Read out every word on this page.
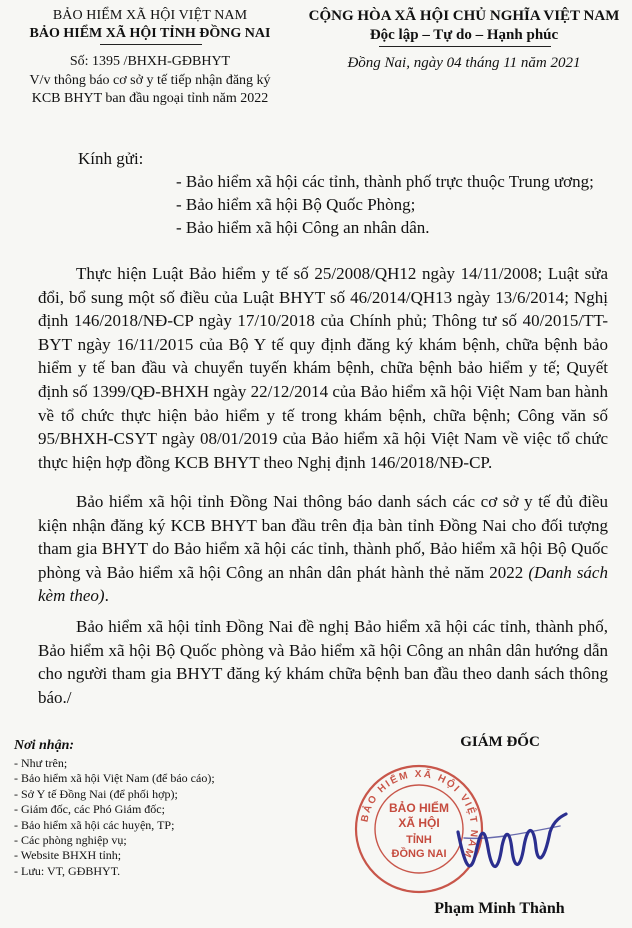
BẢO HIỂM XÃ HỘI VIỆT NAM
BẢO HIỂM XÃ HỘI TỈNH ĐỒNG NAI
Số: 1395 /BHXH-GĐBHYT
V/v thông báo cơ sở y tế tiếp nhận đăng ký
KCB BHYT ban đầu ngoại tỉnh năm 2022
CỘNG HÒA XÃ HỘI CHỦ NGHĨA VIỆT NAM
Độc lập – Tự do – Hạnh phúc
Đồng Nai, ngày 04 tháng 11 năm 2021
Kính gửi:
- Bảo hiểm xã hội các tỉnh, thành phố trực thuộc Trung ương;
- Bảo hiểm xã hội Bộ Quốc Phòng;
- Bảo hiểm xã hội Công an nhân dân.
Thực hiện Luật Bảo hiểm y tế số 25/2008/QH12 ngày 14/11/2008; Luật sửa đổi, bổ sung một số điều của Luật BHYT số 46/2014/QH13 ngày 13/6/2014; Nghị định 146/2018/NĐ-CP ngày 17/10/2018 của Chính phủ; Thông tư số 40/2015/TT-BYT ngày 16/11/2015 của Bộ Y tế quy định đăng ký khám bệnh, chữa bệnh bảo hiểm y tế ban đầu và chuyển tuyến khám bệnh, chữa bệnh bảo hiểm y tế; Quyết định số 1399/QĐ-BHXH ngày 22/12/2014 của Bảo hiểm xã hội Việt Nam ban hành về tổ chức thực hiện bảo hiểm y tế trong khám bệnh, chữa bệnh; Công văn số 95/BHXH-CSYT ngày 08/01/2019 của Bảo hiểm xã hội Việt Nam về việc tổ chức thực hiện hợp đồng KCB BHYT theo Nghị định 146/2018/NĐ-CP.
Bảo hiểm xã hội tỉnh Đồng Nai thông báo danh sách các cơ sở y tế đủ điều kiện nhận đăng ký KCB BHYT ban đầu trên địa bàn tỉnh Đồng Nai cho đối tượng tham gia BHYT do Bảo hiểm xã hội các tỉnh, thành phố, Bảo hiểm xã hội Bộ Quốc phòng và Bảo hiểm xã hội Công an nhân dân phát hành thẻ năm 2022 (Danh sách kèm theo).
Bảo hiểm xã hội tỉnh Đồng Nai đề nghị Bảo hiểm xã hội các tỉnh, thành phố, Bảo hiểm xã hội Bộ Quốc phòng và Bảo hiểm xã hội Công an nhân dân hướng dẫn cho người tham gia BHYT đăng ký khám chữa bệnh ban đầu theo danh sách thông báo./
Nơi nhận:
- Như trên;
- Bảo hiểm xã hội Việt Nam (để báo cáo);
- Sở Y tế Đồng Nai (để phối hợp);
- Giám đốc, các Phó Giám đốc;
- Bảo hiểm xã hội các huyện, TP;
- Các phòng nghiệp vụ;
- Website BHXH tỉnh;
- Lưu: VT, GĐBHYT.
GIÁM ĐỐC
BẢO HIỂM XÃ HỘI VIỆT NAM
BẢO HIỂM
XÃ HỘI
TỈNH
ĐỒNG NAI
Phạm Minh Thành
